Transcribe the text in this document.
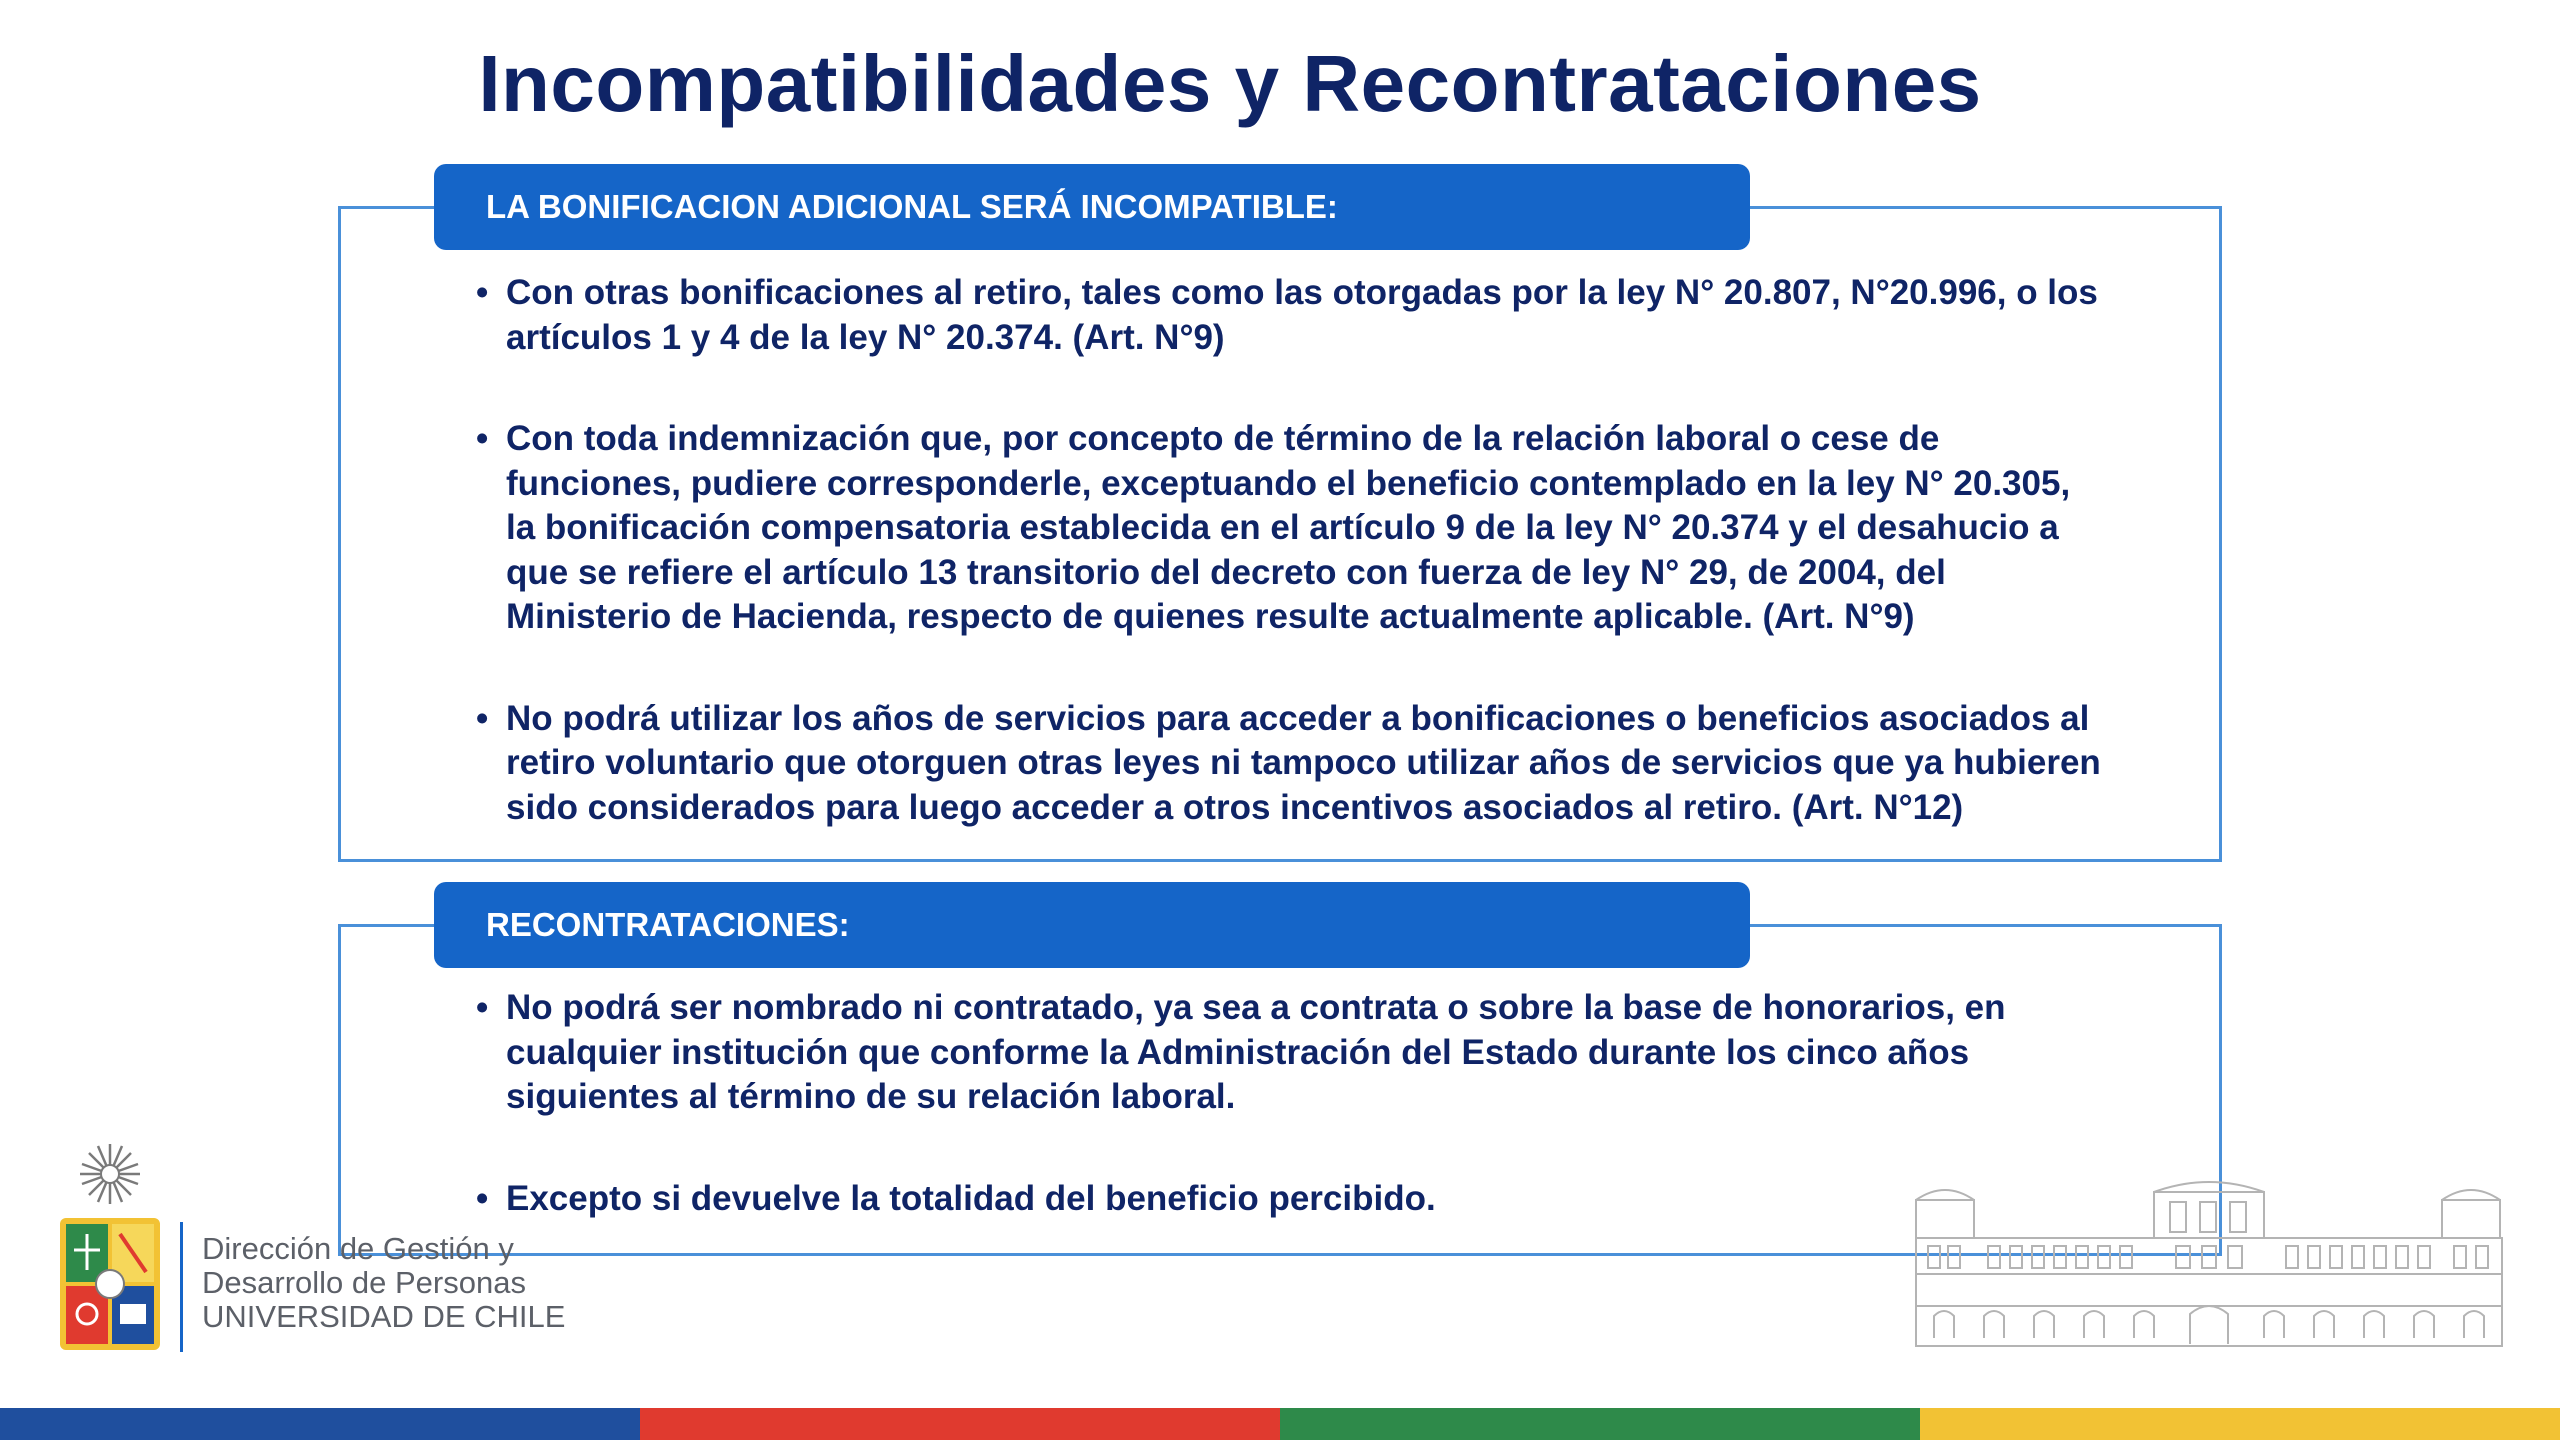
Incompatibilidades y Recontrataciones
LA BONIFICACION ADICIONAL SERÁ INCOMPATIBLE:
• Con otras bonificaciones al retiro, tales como las otorgadas por la ley N° 20.807, N°20.996, o los artículos 1 y 4 de la ley N° 20.374. (Art. N°9)
• Con toda indemnización que, por concepto de término de la relación laboral o cese de funciones, pudiere corresponderle, exceptuando el beneficio contemplado en la ley N° 20.305, la bonificación compensatoria establecida en el artículo 9 de la ley N° 20.374 y el desahucio a que se refiere el artículo 13 transitorio del decreto con fuerza de ley N° 29, de 2004, del Ministerio de Hacienda, respecto de quienes resulte actualmente aplicable. (Art. N°9)
• No podrá utilizar los años de servicios para acceder a bonificaciones o beneficios asociados al retiro voluntario que otorguen otras leyes ni tampoco utilizar años de servicios que ya hubieren sido considerados para luego acceder a otros incentivos asociados al retiro. (Art. N°12)
RECONTRATACIONES:
• No podrá ser nombrado ni contratado, ya sea a contrata o sobre la base de honorarios, en cualquier institución que conforme la Administración del Estado durante los cinco años siguientes al término de su relación laboral.
• Excepto si devuelve la totalidad del beneficio percibido.
Dirección de Gestión y
Desarrollo de Personas
UNIVERSIDAD DE CHILE
